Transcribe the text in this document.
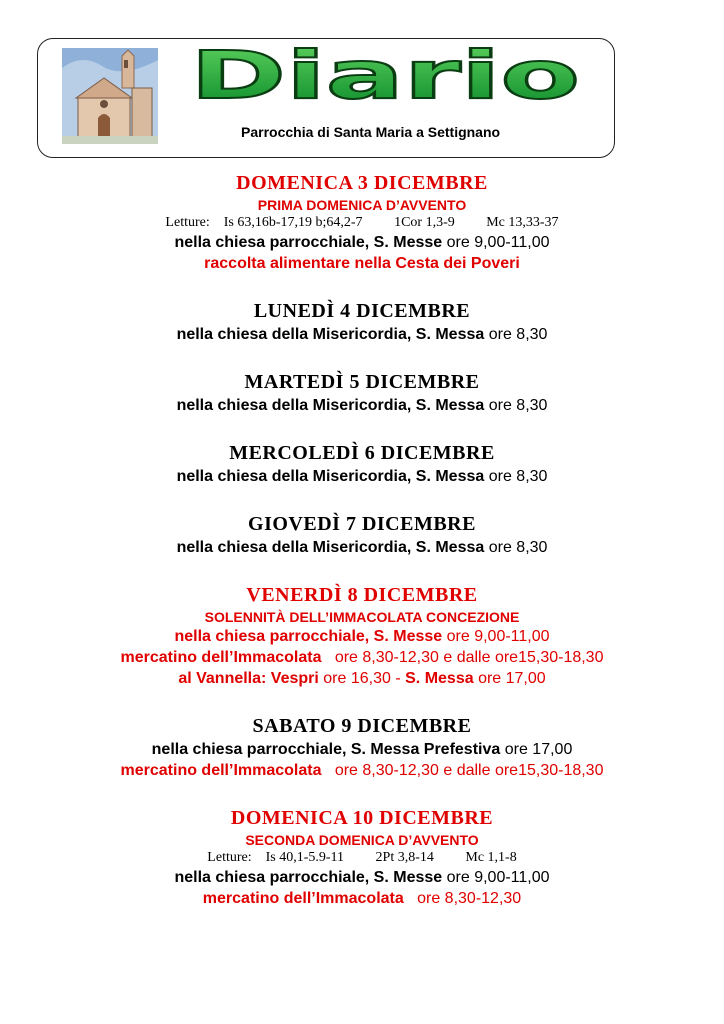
Diario
Parrocchia di Santa Maria a Settignano
DOMENICA 3 DICEMBRE
PRIMA DOMENICA D’AVVENTO
Letture: Is 63,16b-17,19 b;64,2-7 1Cor 1,3-9 Mc 13,33-37
nella chiesa parrocchiale, S. Messe ore 9,00-11,00
raccolta alimentare nella Cesta dei Poveri
LUNEDÌ 4 DICEMBRE
nella chiesa della Misericordia, S. Messa ore 8,30
MARTEDÌ 5 DICEMBRE
nella chiesa della Misericordia, S. Messa ore 8,30
MERCOLEDÌ 6 DICEMBRE
nella chiesa della Misericordia, S. Messa ore 8,30
GIOVEDÌ 7 DICEMBRE
nella chiesa della Misericordia, S. Messa ore 8,30
VENERDÌ 8 DICEMBRE
SOLENNITÀ DELL’IMMACOLATA CONCEZIONE
nella chiesa parrocchiale, S. Messe ore 9,00-11,00
mercatino dell’Immacolata ore 8,30-12,30 e dalle ore15,30-18,30
al Vannella: Vespri ore 16,30 - S. Messa ore 17,00
SABATO 9 DICEMBRE
nella chiesa parrocchiale, S. Messa Prefestiva ore 17,00
mercatino dell’Immacolata ore 8,30-12,30 e dalle ore15,30-18,30
DOMENICA 10 DICEMBRE
SECONDA DOMENICA D’AVVENTO
Letture: Is 40,1-5.9-11 2Pt 3,8-14 Mc 1,1-8
nella chiesa parrocchiale, S. Messe ore 9,00-11,00
mercatino dell’Immacolata ore 8,30-12,30
